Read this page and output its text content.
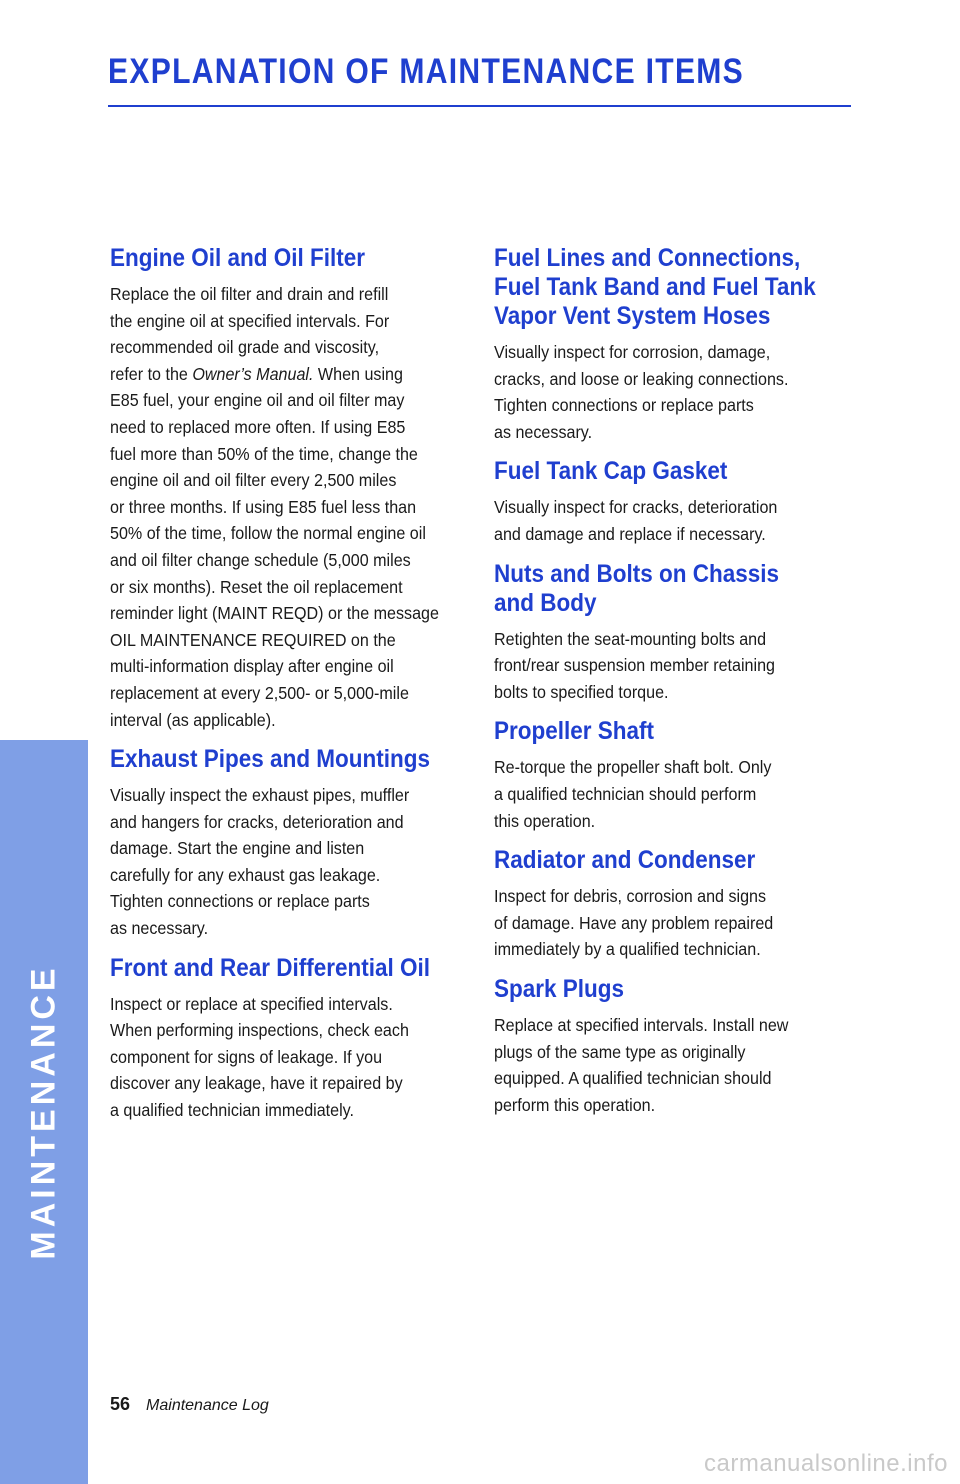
EXPLANATION OF MAINTENANCE ITEMS
MAINTENANCE
Engine Oil and Oil Filter

Replace the oil filter and drain and refill
the engine oil at specified intervals. For
recommended oil grade and viscosity,
refer to the Owner’s Manual. When using
E85 fuel, your engine oil and oil filter may
need to replaced more often. If using E85
fuel more than 50% of the time, change the
engine oil and oil filter every 2,500 miles
or three months. If using E85 fuel less than
50% of the time, follow the normal engine oil
and oil filter change schedule (5,000 miles
or six months). Reset the oil replacement
reminder light (MAINT REQD) or the message
OIL MAINTENANCE REQUIRED on the
multi-information display after engine oil
replacement at every 2,500- or 5,000-mile
interval (as applicable).

Exhaust Pipes and Mountings

Visually inspect the exhaust pipes, muffler
and hangers for cracks, deterioration and
damage. Start the engine and listen
carefully for any exhaust gas leakage.
Tighten connections or replace parts
as necessary.

Front and Rear Differential Oil

Inspect or replace at specified intervals.
When performing inspections, check each
component for signs of leakage. If you
discover any leakage, have it repaired by
a qualified technician immediately.

Fuel Lines and Connections,
Fuel Tank Band and Fuel Tank
Vapor Vent System Hoses

Visually inspect for corrosion, damage,
cracks, and loose or leaking connections.
Tighten connections or replace parts
as necessary.

Fuel Tank Cap Gasket

Visually inspect for cracks, deterioration
and damage and replace if necessary.

Nuts and Bolts on Chassis
and Body

Retighten the seat-mounting bolts and
front/rear suspension member retaining
bolts to specified torque.

Propeller Shaft

Re-torque the propeller shaft bolt. Only
a qualified technician should perform
this operation.

Radiator and Condenser

Inspect for debris, corrosion and signs
of damage. Have any problem repaired
immediately by a qualified technician.

Spark Plugs

Replace at specified intervals. Install new
plugs of the same type as originally
equipped. A qualified technician should
perform this operation.

56 Maintenance Log
carmanualsonline.info
